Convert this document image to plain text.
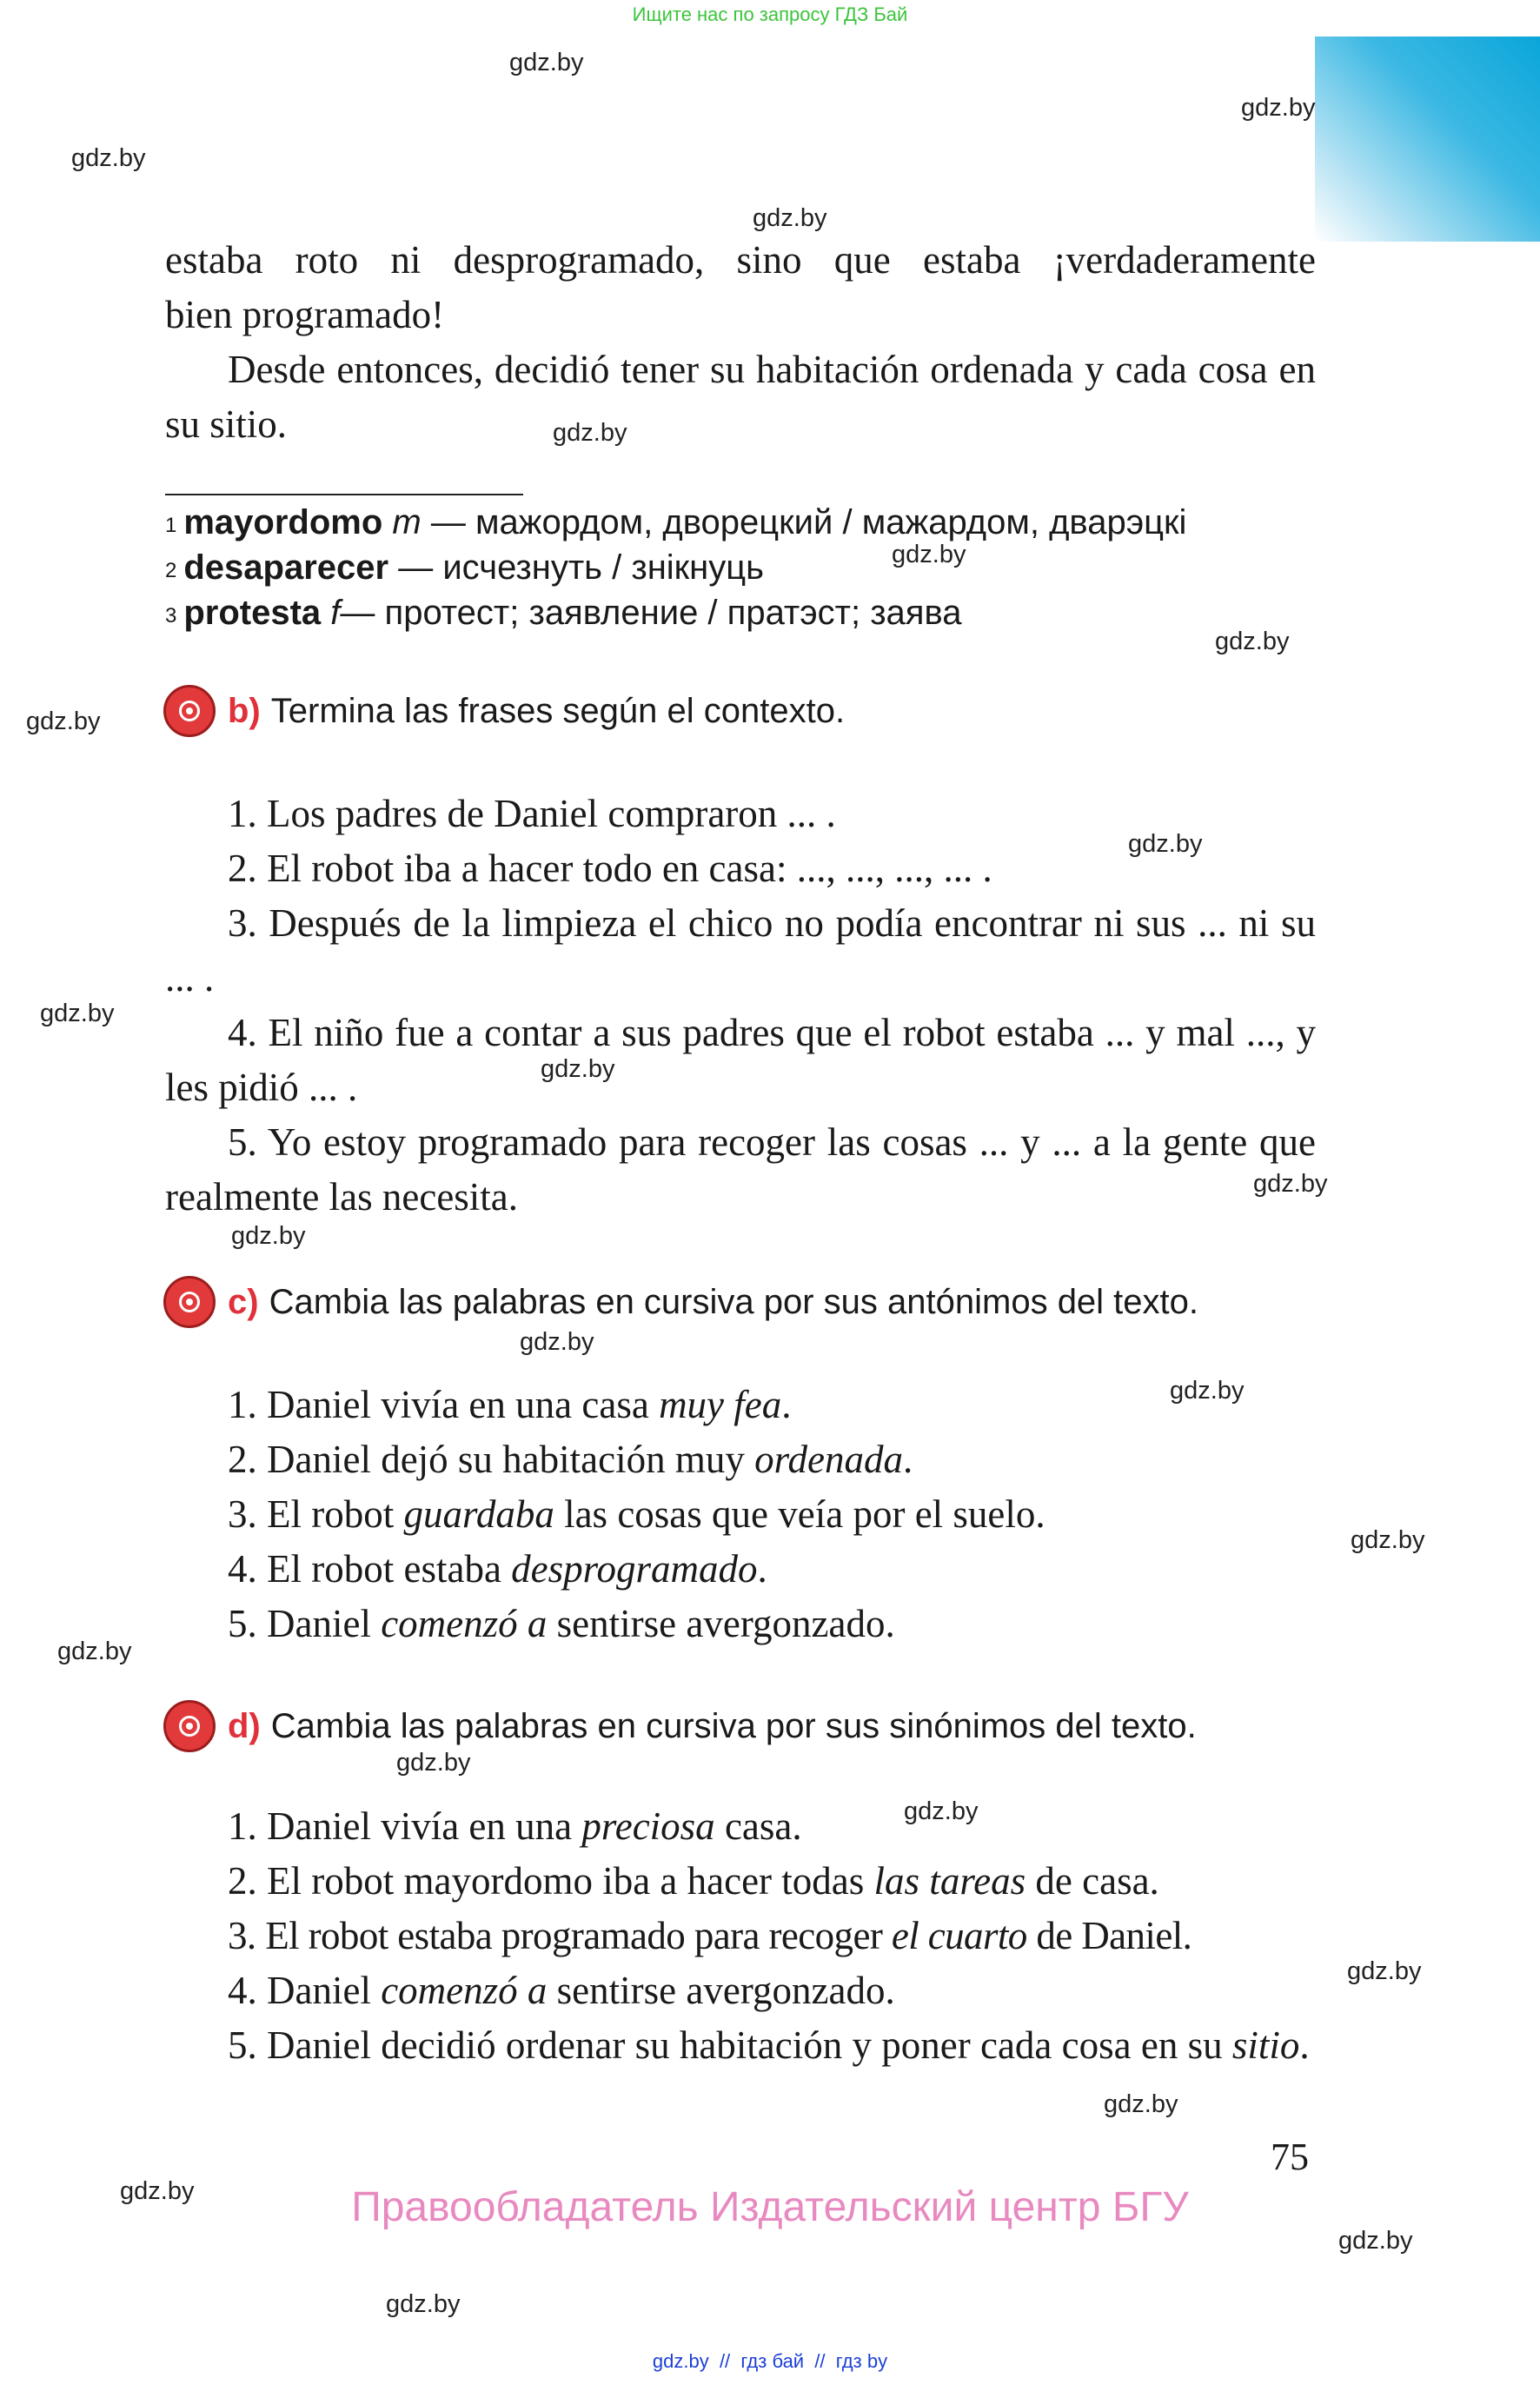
Ищите нас по запросу ГДЗ Бай
gdz.by
gdz.by
gdz.by
gdz.by
gdz.by
gdz.by
gdz.by
gdz.by
gdz.by
gdz.by
gdz.by
gdz.by
gdz.by
gdz.by
gdz.by
gdz.by
gdz.by
gdz.by
gdz.by
gdz.by
gdz.by
gdz.by
gdz.by
gdz.by

estaba roto ni desprogramado, sino que estaba ¡verdaderamente

bien programado!

Desde entonces, decidió tener su habitación ordenada y cada cosa en su sitio.

$^1$ mayordomo m — мажордом, дворецкий / мажардом, дварэцкі
$^2$ desaparecer — исчезнуть / знікнуць
$^3$ protesta f— протест; заявление / пратэст; заява
b) Termina las frases según el contexto.

1. Los padres de Daniel compraron ... .

2. El robot iba a hacer todo en casa: ..., ..., ..., ... .

3. Después de la limpieza el chico no podía encontrar ni sus ... ni su ... .

4. El niño fue a contar a sus padres que el robot estaba ... y mal ..., y les pidió ... .

5. Yo estoy programado para recoger las cosas ... y ... a la gente que realmente las necesita.

c) Cambia las palabras en cursiva por sus antónimos del texto.

1. Daniel vivía en una casa muy fea.

2. Daniel dejó su habitación muy ordenada.

3. El robot guardaba las cosas que veía por el suelo.

4. El robot estaba desprogramado.

5. Daniel comenzó a sentirse avergonzado.

d) Cambia las palabras en cursiva por sus sinónimos del texto.

1. Daniel vivía en una preciosa casa.

2. El robot mayordomo iba a hacer todas las tareas de casa.

3. El robot estaba programado para recoger el cuarto de Daniel.

4. Daniel comenzó a sentirse avergonzado.

5. Daniel decidió ordenar su habitación y poner cada cosa en su sitio.

75
Правообладатель Издательский центр БГУ
gdz.by  //  гдз бай  //  гдз by
